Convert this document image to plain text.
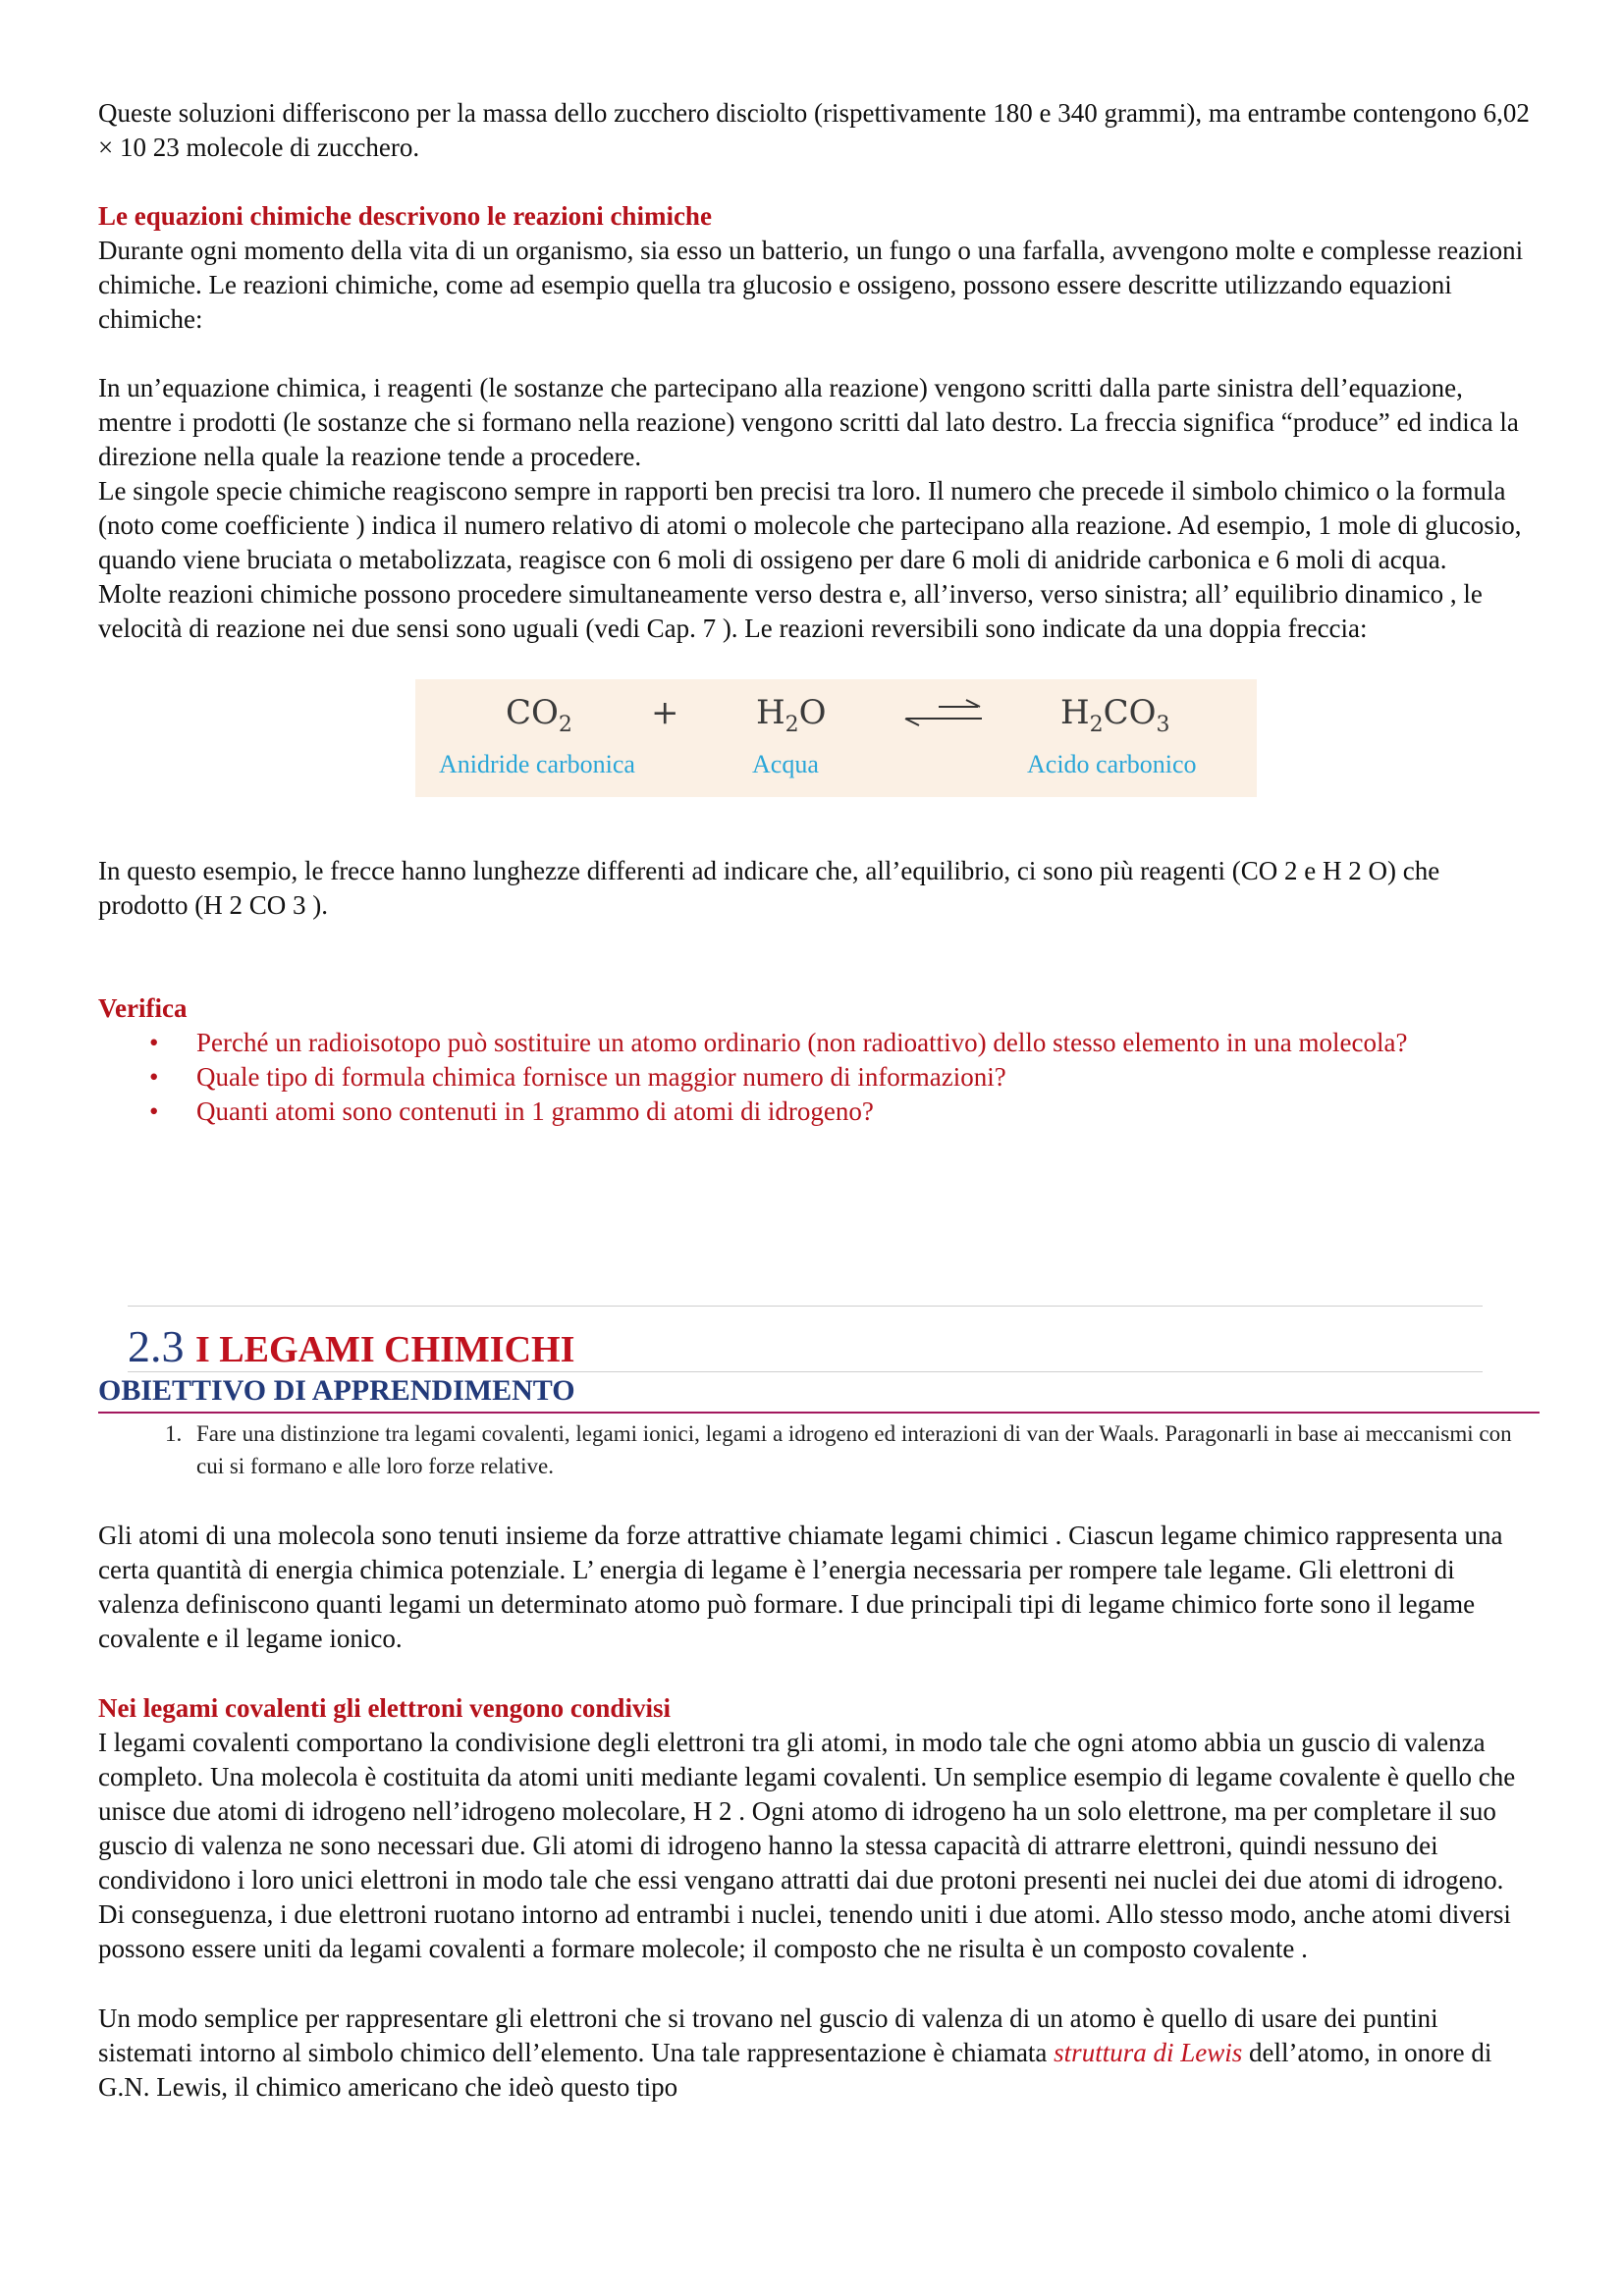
Queste soluzioni differiscono per la massa dello zucchero disciolto (rispettivamente 180 e 340 grammi), ma entrambe contengono 6,02 × 10 23 molecole di zucchero.

Le equazioni chimiche descrivono le reazioni chimiche

Durante ogni momento della vita di un organismo, sia esso un batterio, un fungo o una farfalla, avvengono molte e complesse reazioni chimiche. Le reazioni chimiche, come ad esempio quella tra glucosio e ossigeno, possono essere descritte utilizzando equazioni chimiche:

In un’equazione chimica, i reagenti (le sostanze che partecipano alla reazione) vengono scritti dalla parte sinistra dell’equazione, mentre i prodotti (le sostanze che si formano nella reazione) vengono scritti dal lato destro. La freccia significa “produce” ed indica la direzione nella quale la reazione tende a procedere.

Le singole specie chimiche reagiscono sempre in rapporti ben precisi tra loro. Il numero che precede il simbolo chimico o la formula (noto come coefficiente ) indica il numero relativo di atomi o molecole che partecipano alla reazione. Ad esempio, 1 mole di glucosio, quando viene bruciata o metabolizzata, reagisce con 6 moli di ossigeno per dare 6 moli di anidride carbonica e 6 moli di acqua.

Molte reazioni chimiche possono procedere simultaneamente verso destra e, all’inverso, verso sinistra; all’ equilibrio dinamico , le velocità di reazione nei due sensi sono uguali (vedi Cap. 7 ). Le reazioni reversibili sono indicate da una doppia freccia:

$CO_2 + H_2O$	$H_2CO_3$
Anidride carbonica	Acqua	Acido carbonico

In questo esempio, le frecce hanno lunghezze differenti ad indicare che, all’equilibrio, ci sono più reagenti (CO 2 e H 2 O) che prodotto (H 2 CO 3 ).

Verifica

• Perché un radioisotopo può sostituire un atomo ordinario (non radioattivo) dello stesso elemento in una molecola?
• Quale tipo di formula chimica fornisce un maggior numero di informazioni?
• Quanti atomi sono contenuti in 1 grammo di atomi di idrogeno?
2.3 I LEGAMI CHIMICHI
OBIETTIVO DI APPRENDIMENTO
1. Fare una distinzione tra legami covalenti, legami ionici, legami a idrogeno ed interazioni di van der Waals. Paragonarli in base ai meccanismi con cui si formano e alle loro forze relative.

Gli atomi di una molecola sono tenuti insieme da forze attrattive chiamate legami chimici . Ciascun legame chimico rappresenta una certa quantità di energia chimica potenziale. L’ energia di legame è l’energia necessaria per rompere tale legame. Gli elettroni di valenza definiscono quanti legami un determinato atomo può formare. I due principali tipi di legame chimico forte sono il legame covalente e il legame ionico.

Nei legami covalenti gli elettroni vengono condivisi

I legami covalenti comportano la condivisione degli elettroni tra gli atomi, in modo tale che ogni atomo abbia un guscio di valenza completo. Una molecola è costituita da atomi uniti mediante legami covalenti. Un semplice esempio di legame covalente è quello che unisce due atomi di idrogeno nell’idrogeno molecolare, H 2 . Ogni atomo di idrogeno ha un solo elettrone, ma per completare il suo guscio di valenza ne sono necessari due. Gli atomi di idrogeno hanno la stessa capacità di attrarre elettroni, quindi nessuno dei condividono i loro unici elettroni in modo tale che essi vengano attratti dai due protoni presenti nei nuclei dei due atomi di idrogeno. Di conseguenza, i due elettroni ruotano intorno ad entrambi i nuclei, tenendo uniti i due atomi. Allo stesso modo, anche atomi diversi possono essere uniti da legami covalenti a formare molecole; il composto che ne risulta è un composto covalente .

Un modo semplice per rappresentare gli elettroni che si trovano nel guscio di valenza di un atomo è quello di usare dei puntini sistemati intorno al simbolo chimico dell’elemento. Una tale rappresentazione è chiamata struttura di Lewis dell’atomo, in onore di G.N. Lewis, il chimico americano che ideò questo tipo
